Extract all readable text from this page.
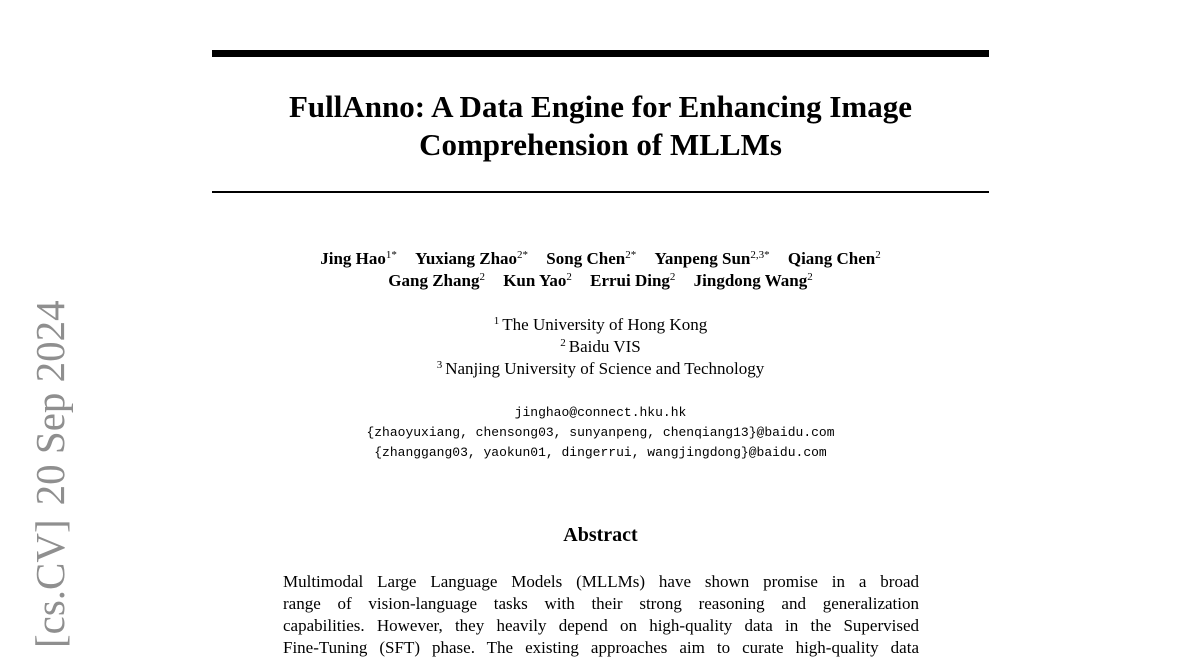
[cs.CV]20 Sep 2024
FullAnno: A Data Engine for Enhancing Image
Comprehension of MLLMs
Jing Hao$^{1*}$ Yuxiang Zhao$^{2*}$ Song Chen$^{2*}$ Yanpeng Sun$^{2,3*}$ Qiang Chen$^2$
Gang Zhang$^2$ Kun Yao$^2$ Errui Ding$^2$ Jingdong Wang$^2$
$^1$ The University of Hong Kong
$^2$ Baidu VIS
$^3$ Nanjing University of Science and Technology
jinghao@connect.hku.hk
{zhaoyuxiang, chensong03, sunyanpeng, chenqiang13}@baidu.com
{zhanggang03, yaokun01, dingerrui, wangjingdong}@baidu.com
Abstract
Multimodal Large Language Models (MLLMs) have shown promise in a broad
range of vision-language tasks with their strong reasoning and generalization
capabilities. However, they heavily depend on high-quality data in the Supervised
Fine-Tuning (SFT) phase. The existing approaches aim to curate high-quality data
